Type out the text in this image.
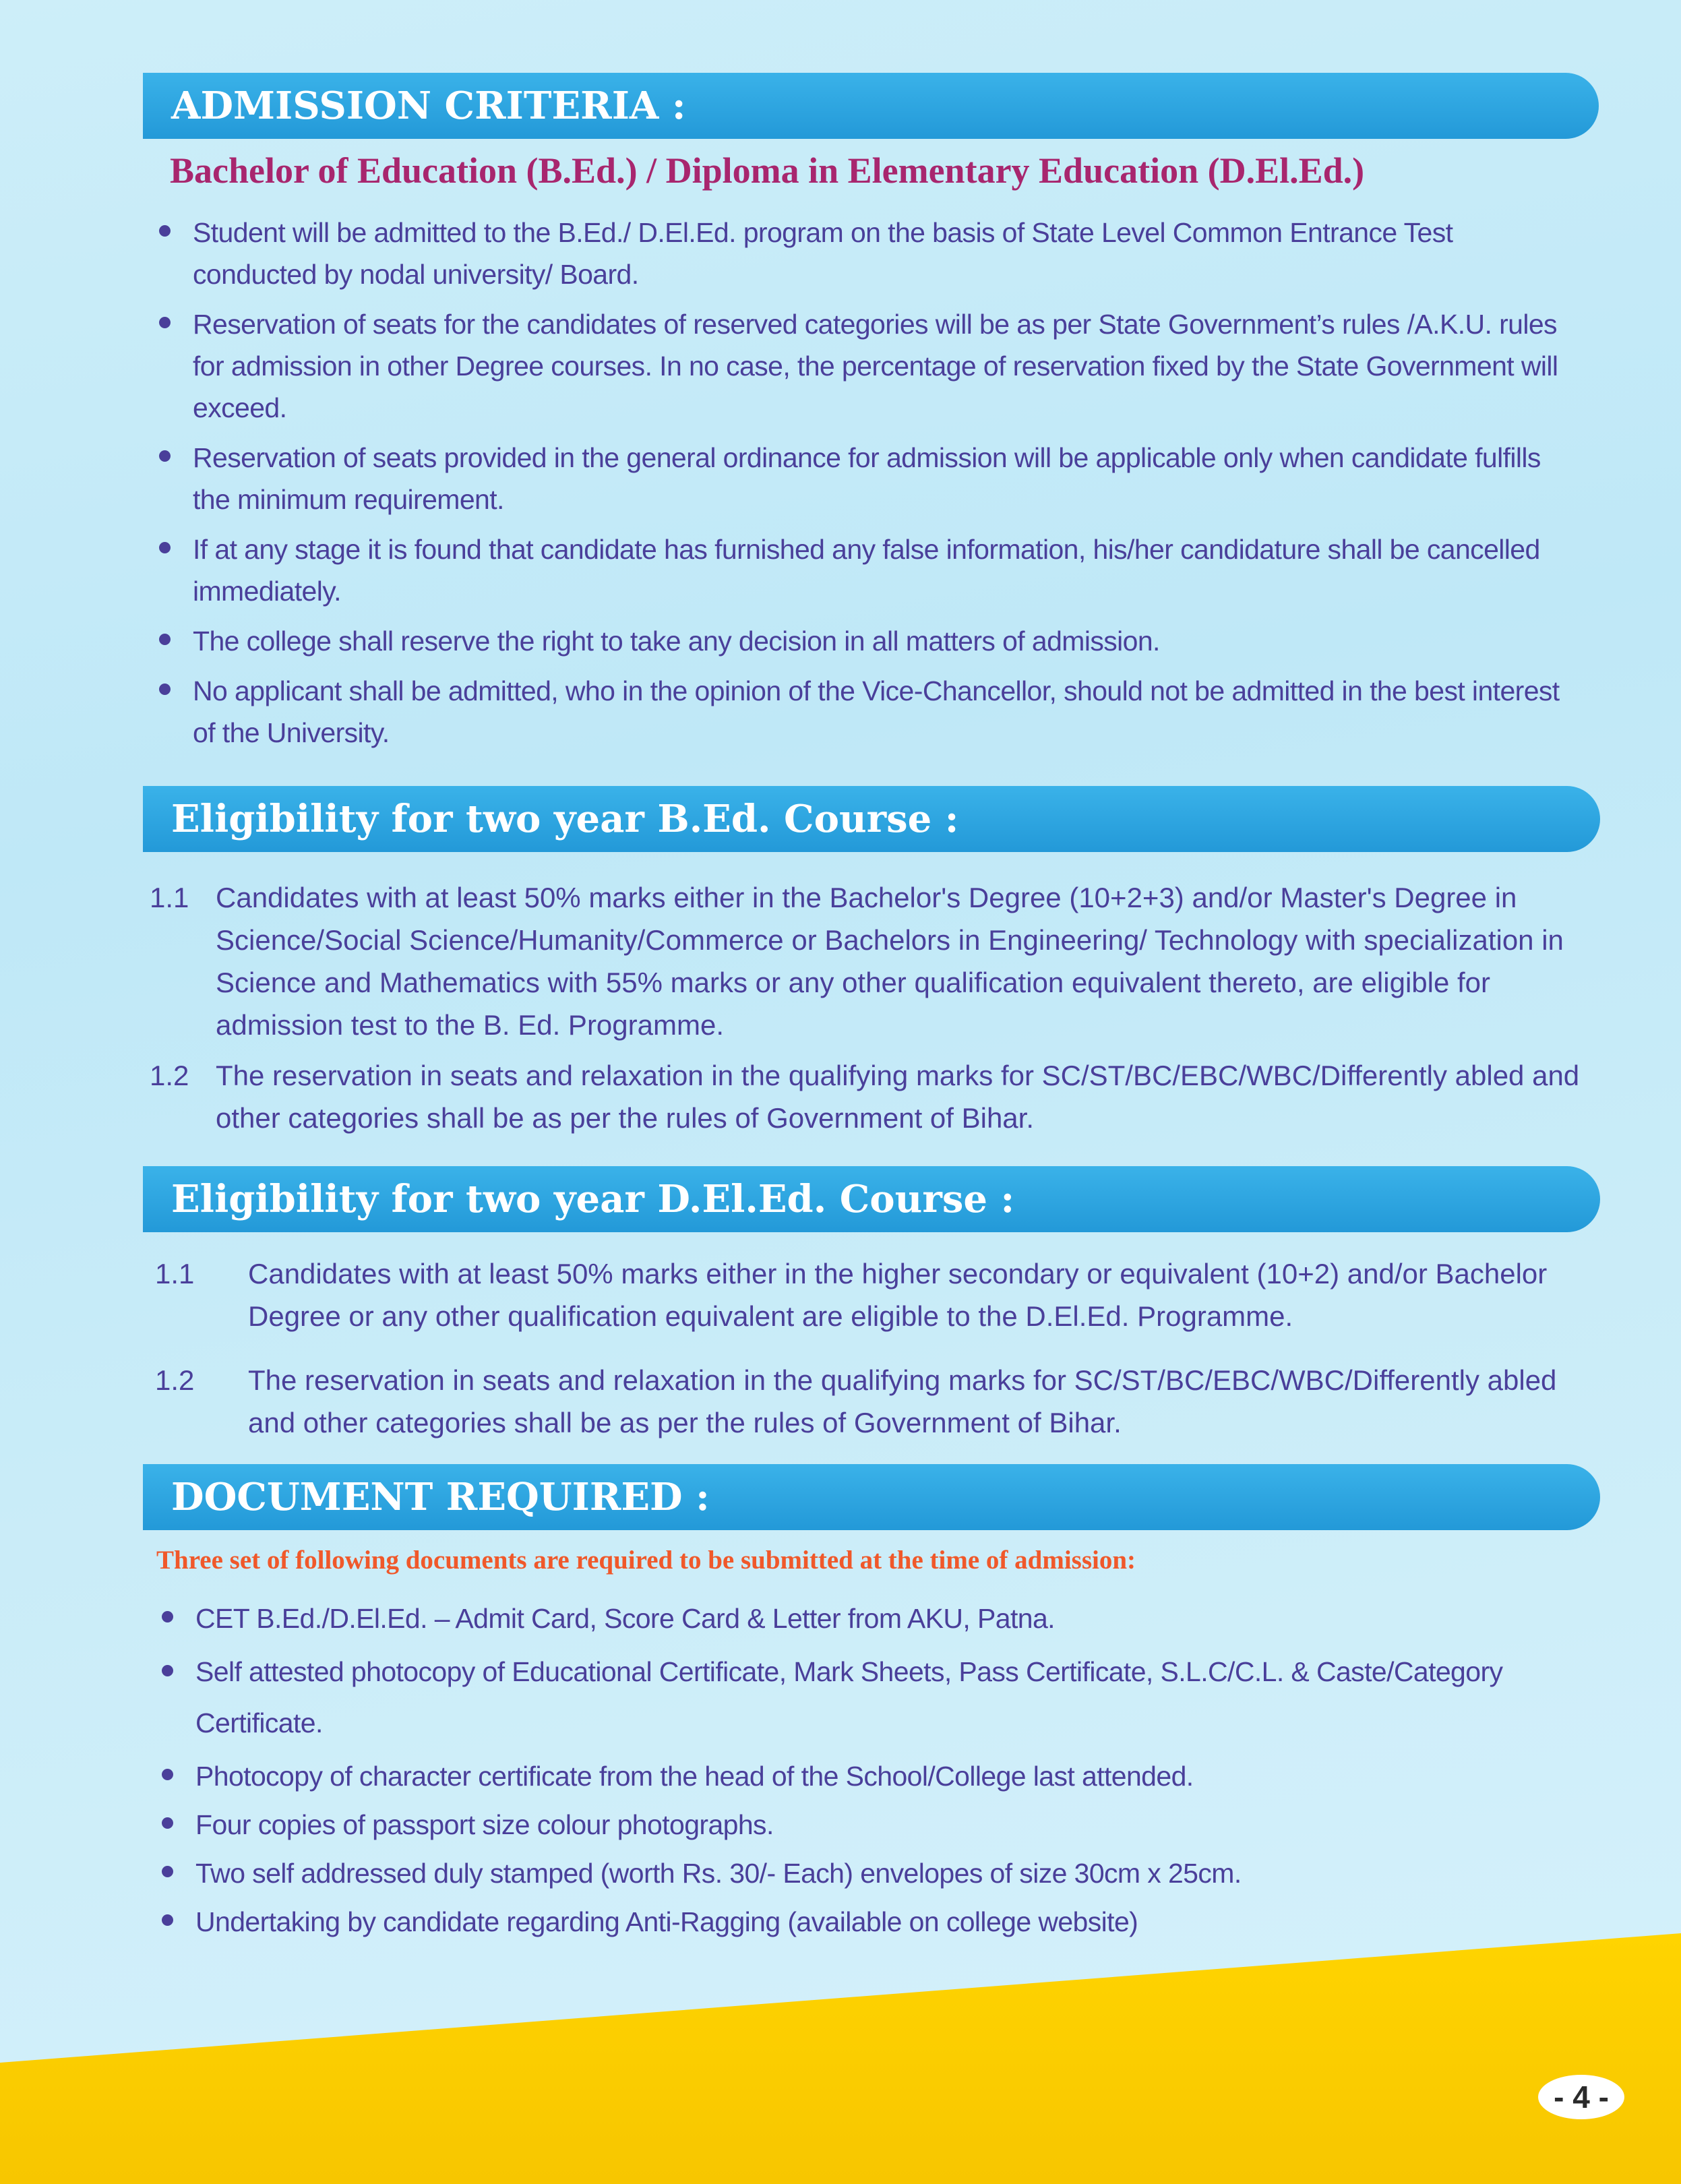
ADMISSION CRITERIA :
Bachelor of Education (B.Ed.) / Diploma in Elementary Education (D.El.Ed.)
Student will be admitted to the B.Ed./ D.El.Ed. program on the basis of State Level Common Entrance Test conducted by nodal university/ Board.
Reservation of seats for the candidates of reserved categories will be as per State Government’s rules /A.K.U. rules for admission in other Degree courses. In no case, the percentage of reservation fixed by the State Government will exceed.
Reservation of seats provided in the general ordinance for admission will be applicable only when candidate fulfills the minimum requirement.
If at any stage it is found that candidate has furnished any false information, his/her candidature shall be cancelled immediately.
The college shall reserve the right to take any decision in all matters of admission.
No applicant shall be admitted, who in the opinion of the Vice-Chancellor, should not be admitted in the best interest of the University.
Eligibility for two year B.Ed. Course :
1.1 Candidates with at least 50% marks either in the Bachelor's Degree (10+2+3) and/or Master's Degree in Science/Social Science/Humanity/Commerce or Bachelors in Engineering/ Technology with specialization in Science and Mathematics with 55% marks or any other qualification equivalent thereto, are eligible for admission test to the B. Ed. Programme.
1.2 The reservation in seats and relaxation in the qualifying marks for SC/ST/BC/EBC/WBC/Differently abled and other categories shall be as per the rules of Government of Bihar.
Eligibility for two year D.El.Ed. Course :
1.1 Candidates with at least 50% marks either in the higher secondary or equivalent (10+2) and/or Bachelor Degree or any other qualification equivalent are eligible to the D.El.Ed. Programme.
1.2 The reservation in seats and relaxation in the qualifying marks for SC/ST/BC/EBC/WBC/Differently abled and other categories shall be as per the rules of Government of Bihar.
DOCUMENT REQUIRED :
Three set of following documents are required to be submitted at the time of admission:
CET B.Ed./D.El.Ed. – Admit Card, Score Card & Letter from AKU, Patna.
Self attested photocopy of Educational Certificate, Mark Sheets, Pass Certificate, S.L.C/C.L. & Caste/Category Certificate.
Photocopy of character certificate from the head of the School/College last attended.
Four copies of passport size colour photographs.
Two self addressed duly stamped (worth Rs. 30/- Each) envelopes of size 30cm x 25cm.
Undertaking by candidate regarding Anti-Ragging (available on college website)
- 4 -
